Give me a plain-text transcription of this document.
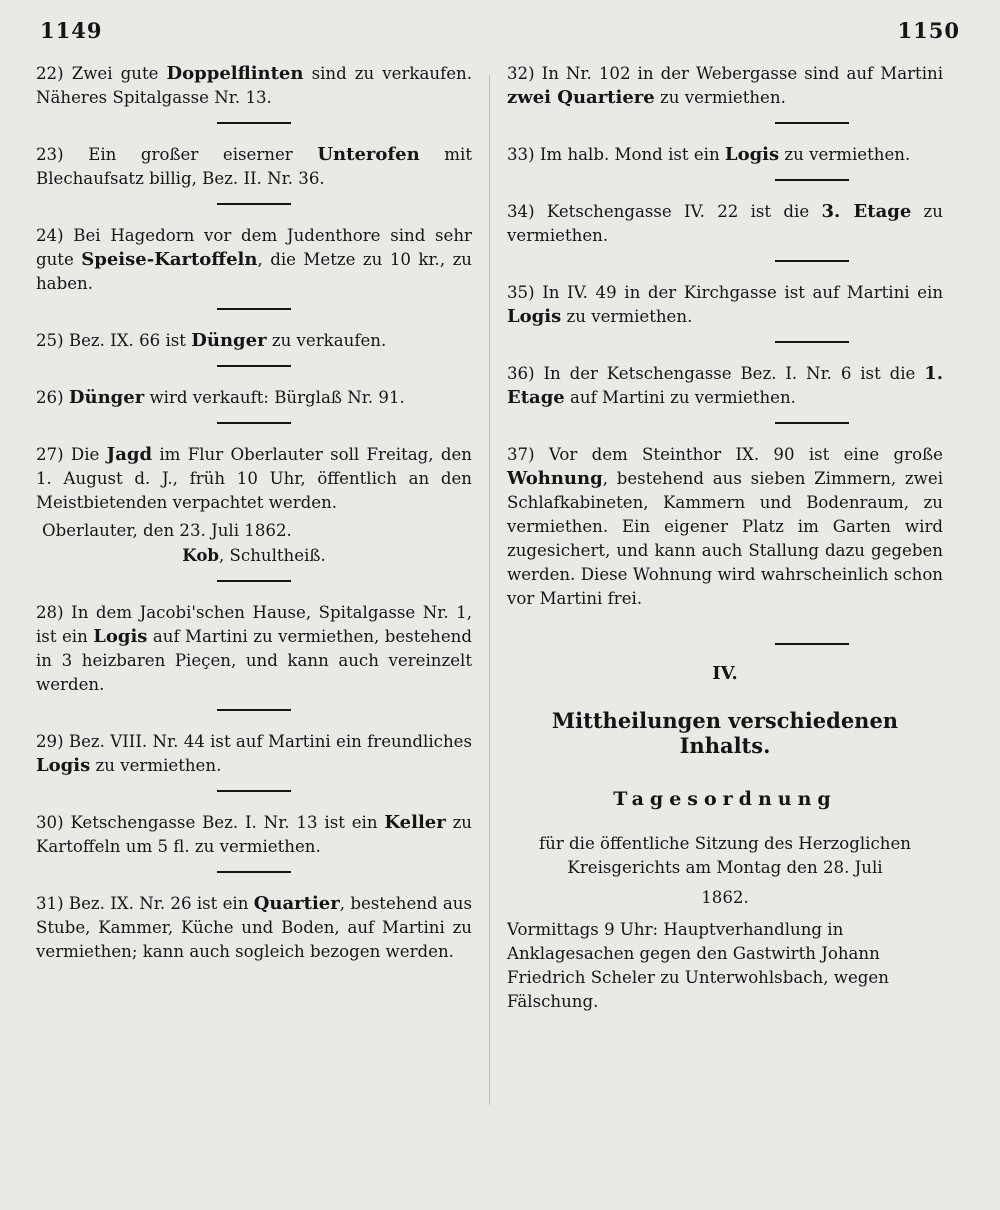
1149	1150

22) Zwei gute Doppelflinten sind zu verkaufen. Näheres Spitalgasse Nr. 13.

23) Ein großer eiserner Unterofen mit Blechaufsatz billig, Bez. II. Nr. 36.

24) Bei Hagedorn vor dem Judenthore sind sehr gute Speise-Kartoffeln, die Metze zu 10 kr., zu haben.

25) Bez. IX. 66 ist Dünger zu verkaufen.

26) Dünger wird verkauft: Bürglaß Nr. 91.

27) Die Jagd im Flur Oberlauter soll Freitag, den 1. August d. J., früh 10 Uhr, öffentlich an den Meistbietenden verpachtet werden.

Oberlauter, den 23. Juli 1862.

Kob, Schultheiß.

28) In dem Jacobi'schen Hause, Spitalgasse Nr. 1, ist ein Logis auf Martini zu vermiethen, bestehend in 3 heizbaren Pieçen, und kann auch vereinzelt werden.

29) Bez. VIII. Nr. 44 ist auf Martini ein freundliches Logis zu vermiethen.

30) Ketschengasse Bez. I. Nr. 13 ist ein Keller zu Kartoffeln um 5 fl. zu vermiethen.

31) Bez. IX. Nr. 26 ist ein Quartier, bestehend aus Stube, Kammer, Küche und Boden, auf Martini zu vermiethen; kann auch sogleich bezogen werden.

32) In Nr. 102 in der Webergasse sind auf Martini zwei Quartiere zu vermiethen.

33) Im halb. Mond ist ein Logis zu vermiethen.

34) Ketschengasse IV. 22 ist die 3. Etage zu vermiethen.

35) In IV. 49 in der Kirchgasse ist auf Martini ein Logis zu vermiethen.

36) In der Ketschengasse Bez. I. Nr. 6 ist die 1. Etage auf Martini zu vermiethen.

37) Vor dem Steinthor IX. 90 ist eine große Wohnung, bestehend aus sieben Zimmern, zwei Schlafkabineten, Kammern und Bodenraum, zu vermiethen. Ein eigener Platz im Garten wird zugesichert, und kann auch Stallung dazu gegeben werden. Diese Wohnung wird wahrscheinlich schon vor Martini frei.

IV.
Mittheilungen verschiedenen Inhalts.
Tagesordnung

für die öffentliche Sitzung des Herzoglichen Kreisgerichts am Montag den 28. Juli

1862.

Vormittags 9 Uhr: Hauptverhandlung in Anklagesachen gegen den Gastwirth Johann Friedrich Scheler zu Unterwohlsbach, wegen Fälschung.
